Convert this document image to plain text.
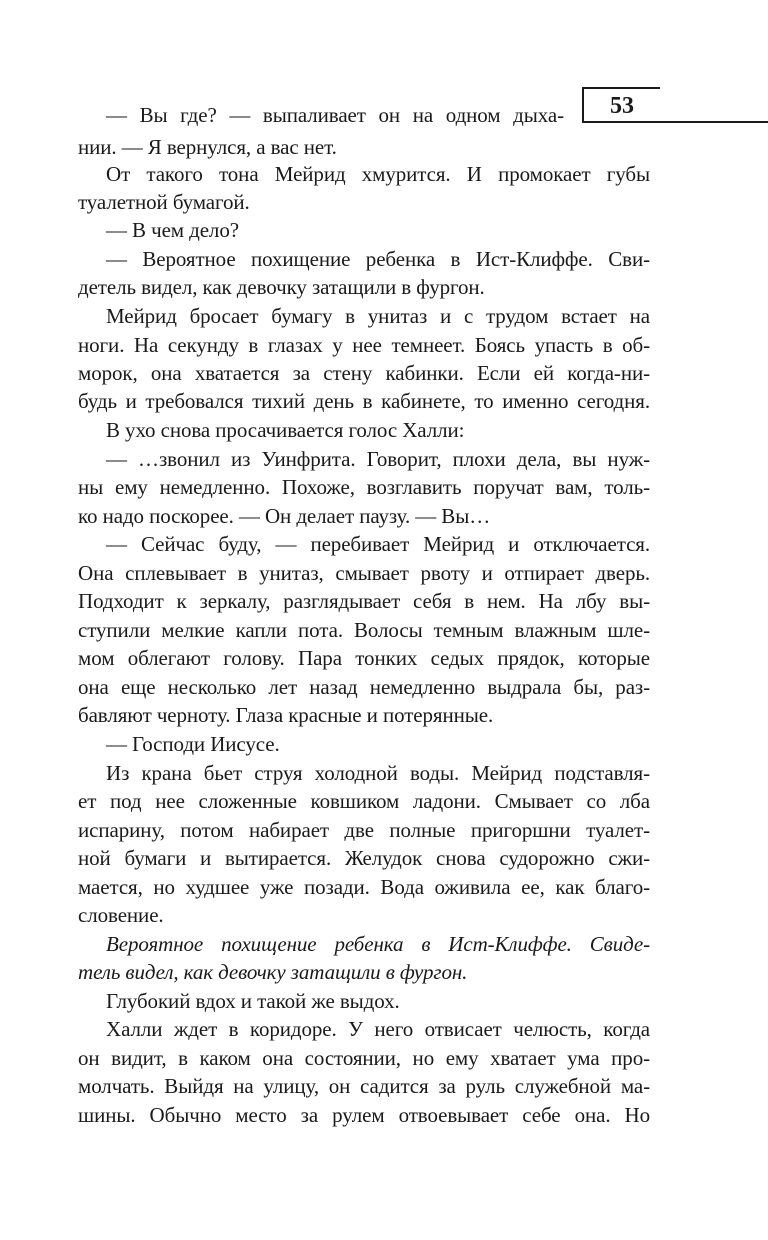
53
— Вы где? — выпаливает он на одном дыха-
нии. — Я вернулся, а вас нет.
От такого тона Мейрид хмурится. И промокает губы
туалетной бумагой.
— В чем дело?
— Вероятное похищение ребенка в Ист-Клиффе. Сви-
детель видел, как девочку затащили в фургон.
Мейрид бросает бумагу в унитаз и с трудом встает на
ноги. На секунду в глазах у нее темнеет. Боясь упасть в об-
морок, она хватается за стену кабинки. Если ей когда-ни-
будь и требовался тихий день в кабинете, то именно сегодня.
В ухо снова просачивается голос Халли:
— …звонил из Уинфрита. Говорит, плохи дела, вы нуж-
ны ему немедленно. Похоже, возглавить поручат вам, толь-
ко надо поскорее. — Он делает паузу. — Вы…
— Сейчас буду, — перебивает Мейрид и отключается.
Она сплевывает в унитаз, смывает рвоту и отпирает дверь.
Подходит к зеркалу, разглядывает себя в нем. На лбу вы-
ступили мелкие капли пота. Волосы темным влажным шле-
мом облегают голову. Пара тонких седых прядок, которые
она еще несколько лет назад немедленно выдрала бы, раз-
бавляют черноту. Глаза красные и потерянные.
— Господи Иисусе.
Из крана бьет струя холодной воды. Мейрид подставля-
ет под нее сложенные ковшиком ладони. Смывает со лба
испарину, потом набирает две полные пригоршни туалет-
ной бумаги и вытирается. Желудок снова судорожно сжи-
мается, но худшее уже позади. Вода оживила ее, как благо-
словение.
Вероятное похищение ребенка в Ист-Клиффе. Свиде-
тель видел, как девочку затащили в фургон.
Глубокий вдох и такой же выдох.
Халли ждет в коридоре. У него отвисает челюсть, когда
он видит, в каком она состоянии, но ему хватает ума про-
молчать. Выйдя на улицу, он садится за руль служебной ма-
шины. Обычно место за рулем отвоевывает себе она. Но
